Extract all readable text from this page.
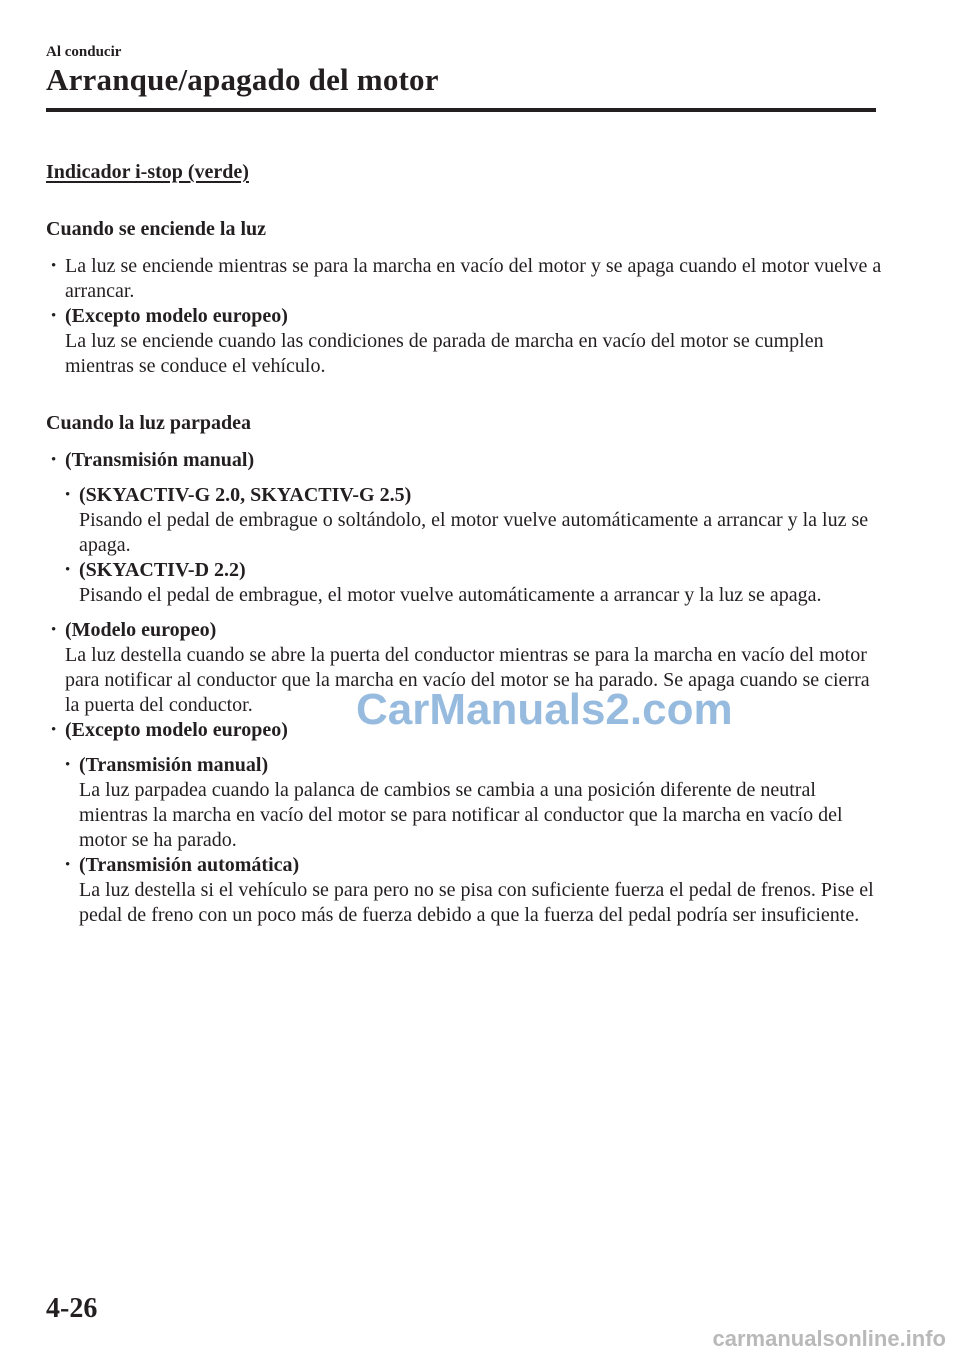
Al conducir
Arranque/apagado del motor

Indicador i-stop (verde)

Cuando se enciende la luz

• La luz se enciende mientras se para la marcha en vacío del motor y se apaga cuando el motor vuelve a arrancar.
• (Excepto modelo europeo)
La luz se enciende cuando las condiciones de parada de marcha en vacío del motor se cumplen mientras se conduce el vehículo.

Cuando la luz parpadea

• (Transmisión manual)
• (SKYACTIV-G 2.0, SKYACTIV-G 2.5)
Pisando el pedal de embrague o soltándolo, el motor vuelve automáticamente a arrancar y la luz se apaga.
• (SKYACTIV-D 2.2)
Pisando el pedal de embrague, el motor vuelve automáticamente a arrancar y la luz se apaga.
• (Modelo europeo)
La luz destella cuando se abre la puerta del conductor mientras se para la marcha en vacío del motor para notificar al conductor que la marcha en vacío del motor se ha parado. Se apaga cuando se cierra la puerta del conductor.
• (Excepto modelo europeo)
• (Transmisión manual)
La luz parpadea cuando la palanca de cambios se cambia a una posición diferente de neutral mientras la marcha en vacío del motor se para notificar al conductor que la marcha en vacío del motor se ha parado.
• (Transmisión automática)
La luz destella si el vehículo se para pero no se pisa con suficiente fuerza el pedal de frenos. Pise el pedal de freno con un poco más de fuerza debido a que la fuerza del pedal podría ser insuficiente.
CarManuals2.com
4-26
carmanualsonline.info
